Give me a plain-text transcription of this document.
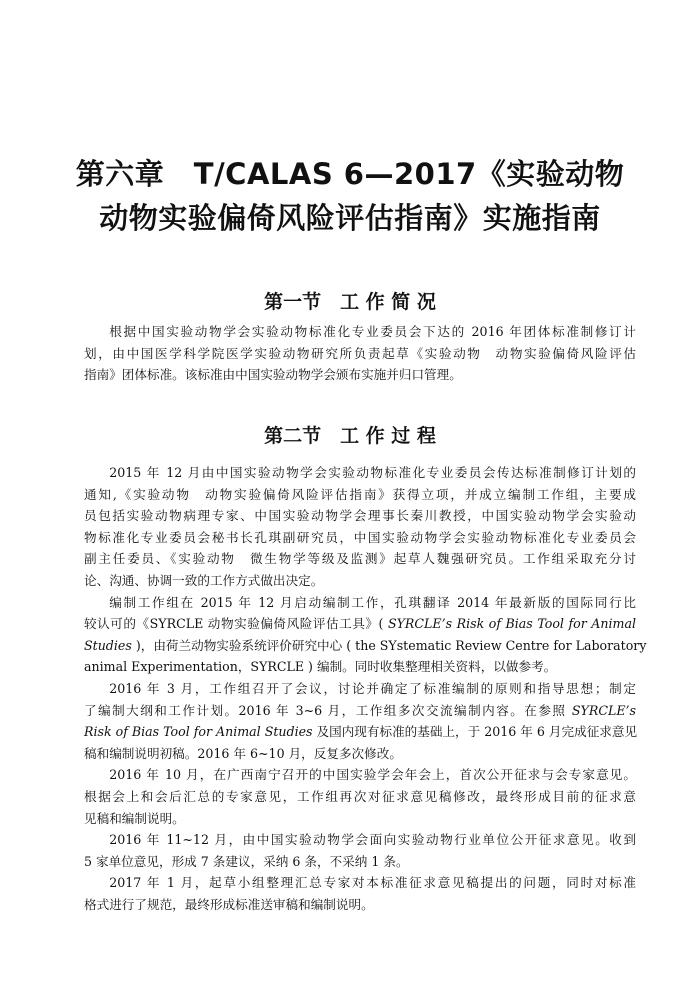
第六章　T/CALAS 6—2017《实验动物
动物实验偏倚风险评估指南》实施指南
第一节　工 作 简 况
根据中国实验动物学会实验动物标准化专业委员会下达的 2016 年团体标准制修订计
划，由中国医学科学院医学实验动物研究所负责起草《实验动物　动物实验偏倚风险评估
指南》团体标准。该标准由中国实验动物学会颁布实施并归口管理。
第二节　工 作 过 程
2015 年 12 月由中国实验动物学会实验动物标准化专业委员会传达标准制修订计划的
通知,《实验动物　动物实验偏倚风险评估指南》获得立项，并成立编制工作组，主要成
员包括实验动物病理专家、中国实验动物学会理事长秦川教授，中国实验动物学会实验动
物标准化专业委员会秘书长孔琪副研究员，中国实验动物学会实验动物标准化专业委员会
副主任委员、《实验动物　微生物学等级及监测》起草人魏强研究员。工作组采取充分讨
论、沟通、协调一致的工作方式做出决定。
编制工作组在 2015 年 12 月启动编制工作，孔琪翻译 2014 年最新版的国际同行比
较认可的《SYRCLE 动物实验偏倚风险评估工具》( SYRCLE’s Risk of Bias Tool for Animal
Studies )，由荷兰动物实验系统评价研究中心 ( the SYstematic Review Centre for Laboratory
animal Experimentation，SYRCLE ) 编制。同时收集整理相关资料，以做参考。
2016 年 3 月，工作组召开了会议，讨论并确定了标准编制的原则和指导思想；制定
了编制大纲和工作计划。2016 年 3~6 月，工作组多次交流编制内容。在参照 SYRCLE’s
Risk of Bias Tool for Animal Studies 及国内现有标准的基础上，于 2016 年 6 月完成征求意见
稿和编制说明初稿。2016 年 6~10 月，反复多次修改。
2016 年 10 月，在广西南宁召开的中国实验学会年会上，首次公开征求与会专家意见。
根据会上和会后汇总的专家意见，工作组再次对征求意见稿修改，最终形成目前的征求意
见稿和编制说明。
2016 年 11~12 月，由中国实验动物学会面向实验动物行业单位公开征求意见。收到
5 家单位意见，形成 7 条建议，采纳 6 条，不采纳 1 条。
2017 年 1 月，起草小组整理汇总专家对本标准征求意见稿提出的问题，同时对标准
格式进行了规范，最终形成标准送审稿和编制说明。
